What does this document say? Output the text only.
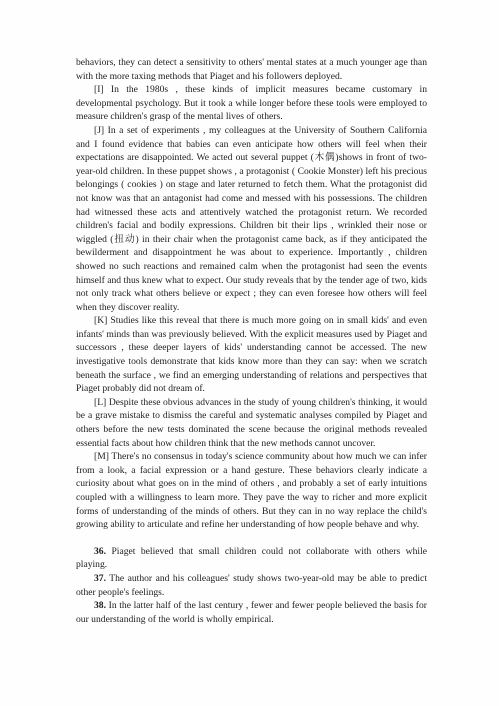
behaviors, they can detect a sensitivity to others' mental states at a much younger age than with the more taxing methods that Piaget and his followers deployed.

[I] In the 1980s , these kinds of implicit measures became customary in developmental psychology. But it took a while longer before these tools were employed to measure children's grasp of the mental lives of others.

[J] In a set of experiments , my colleagues at the University of Southern California and I found evidence that babies can even anticipate how others will feel when their expectations are disappointed. We acted out several puppet (木偶)shows in front of two-year-old children. In these puppet shows , a protagonist ( Cookie Monster) left his precious belongings ( cookies ) on stage and later returned to fetch them. What the protagonist did not know was that an antagonist had come and messed with his possessions. The children had witnessed these acts and attentively watched the protagonist return. We recorded children's facial and bodily expressions. Children bit their lips , wrinkled their nose or wiggled (扭动) in their chair when the protagonist came back, as if they anticipated the bewilderment and disappointment he was about to experience. Importantly , children showed no such reactions and remained calm when the protagonist had seen the events himself and thus knew what to expect. Our study reveals that by the tender age of two, kids not only track what others believe or expect ; they can even foresee how others will feel when they discover reality.

[K] Studies like this reveal that there is much more going on in small kids' and even infants' minds than was previously believed. With the explicit measures used by Piaget and successors , these deeper layers of kids' understanding cannot be accessed. The new investigative tools demonstrate that kids know more than they can say: when we scratch beneath the surface , we find an emerging understanding of relations and perspectives that Piaget probably did not dream of.

[L] Despite these obvious advances in the study of young children's thinking, it would be a grave mistake to dismiss the careful and systematic analyses compiled by Piaget and others before the new tests dominated the scene because the original methods revealed essential facts about how children think that the new methods cannot uncover.

[M] There's no consensus in today's science community about how much we can infer from a look, a facial expression or a hand gesture. These behaviors clearly indicate a curiosity about what goes on in the mind of others , and probably a set of early intuitions coupled with a willingness to learn more. They pave the way to richer and more explicit forms of understanding of the minds of others. But they can in no way replace the child's growing ability to articulate and refine her understanding of how people behave and why.

36. Piaget believed that small children could not collaborate with others while playing.

37. The author and his colleagues' study shows two-year-old may be able to predict other people's feelings.

38. In the latter half of the last century , fewer and fewer people believed the basis for our understanding of the world is wholly empirical.
